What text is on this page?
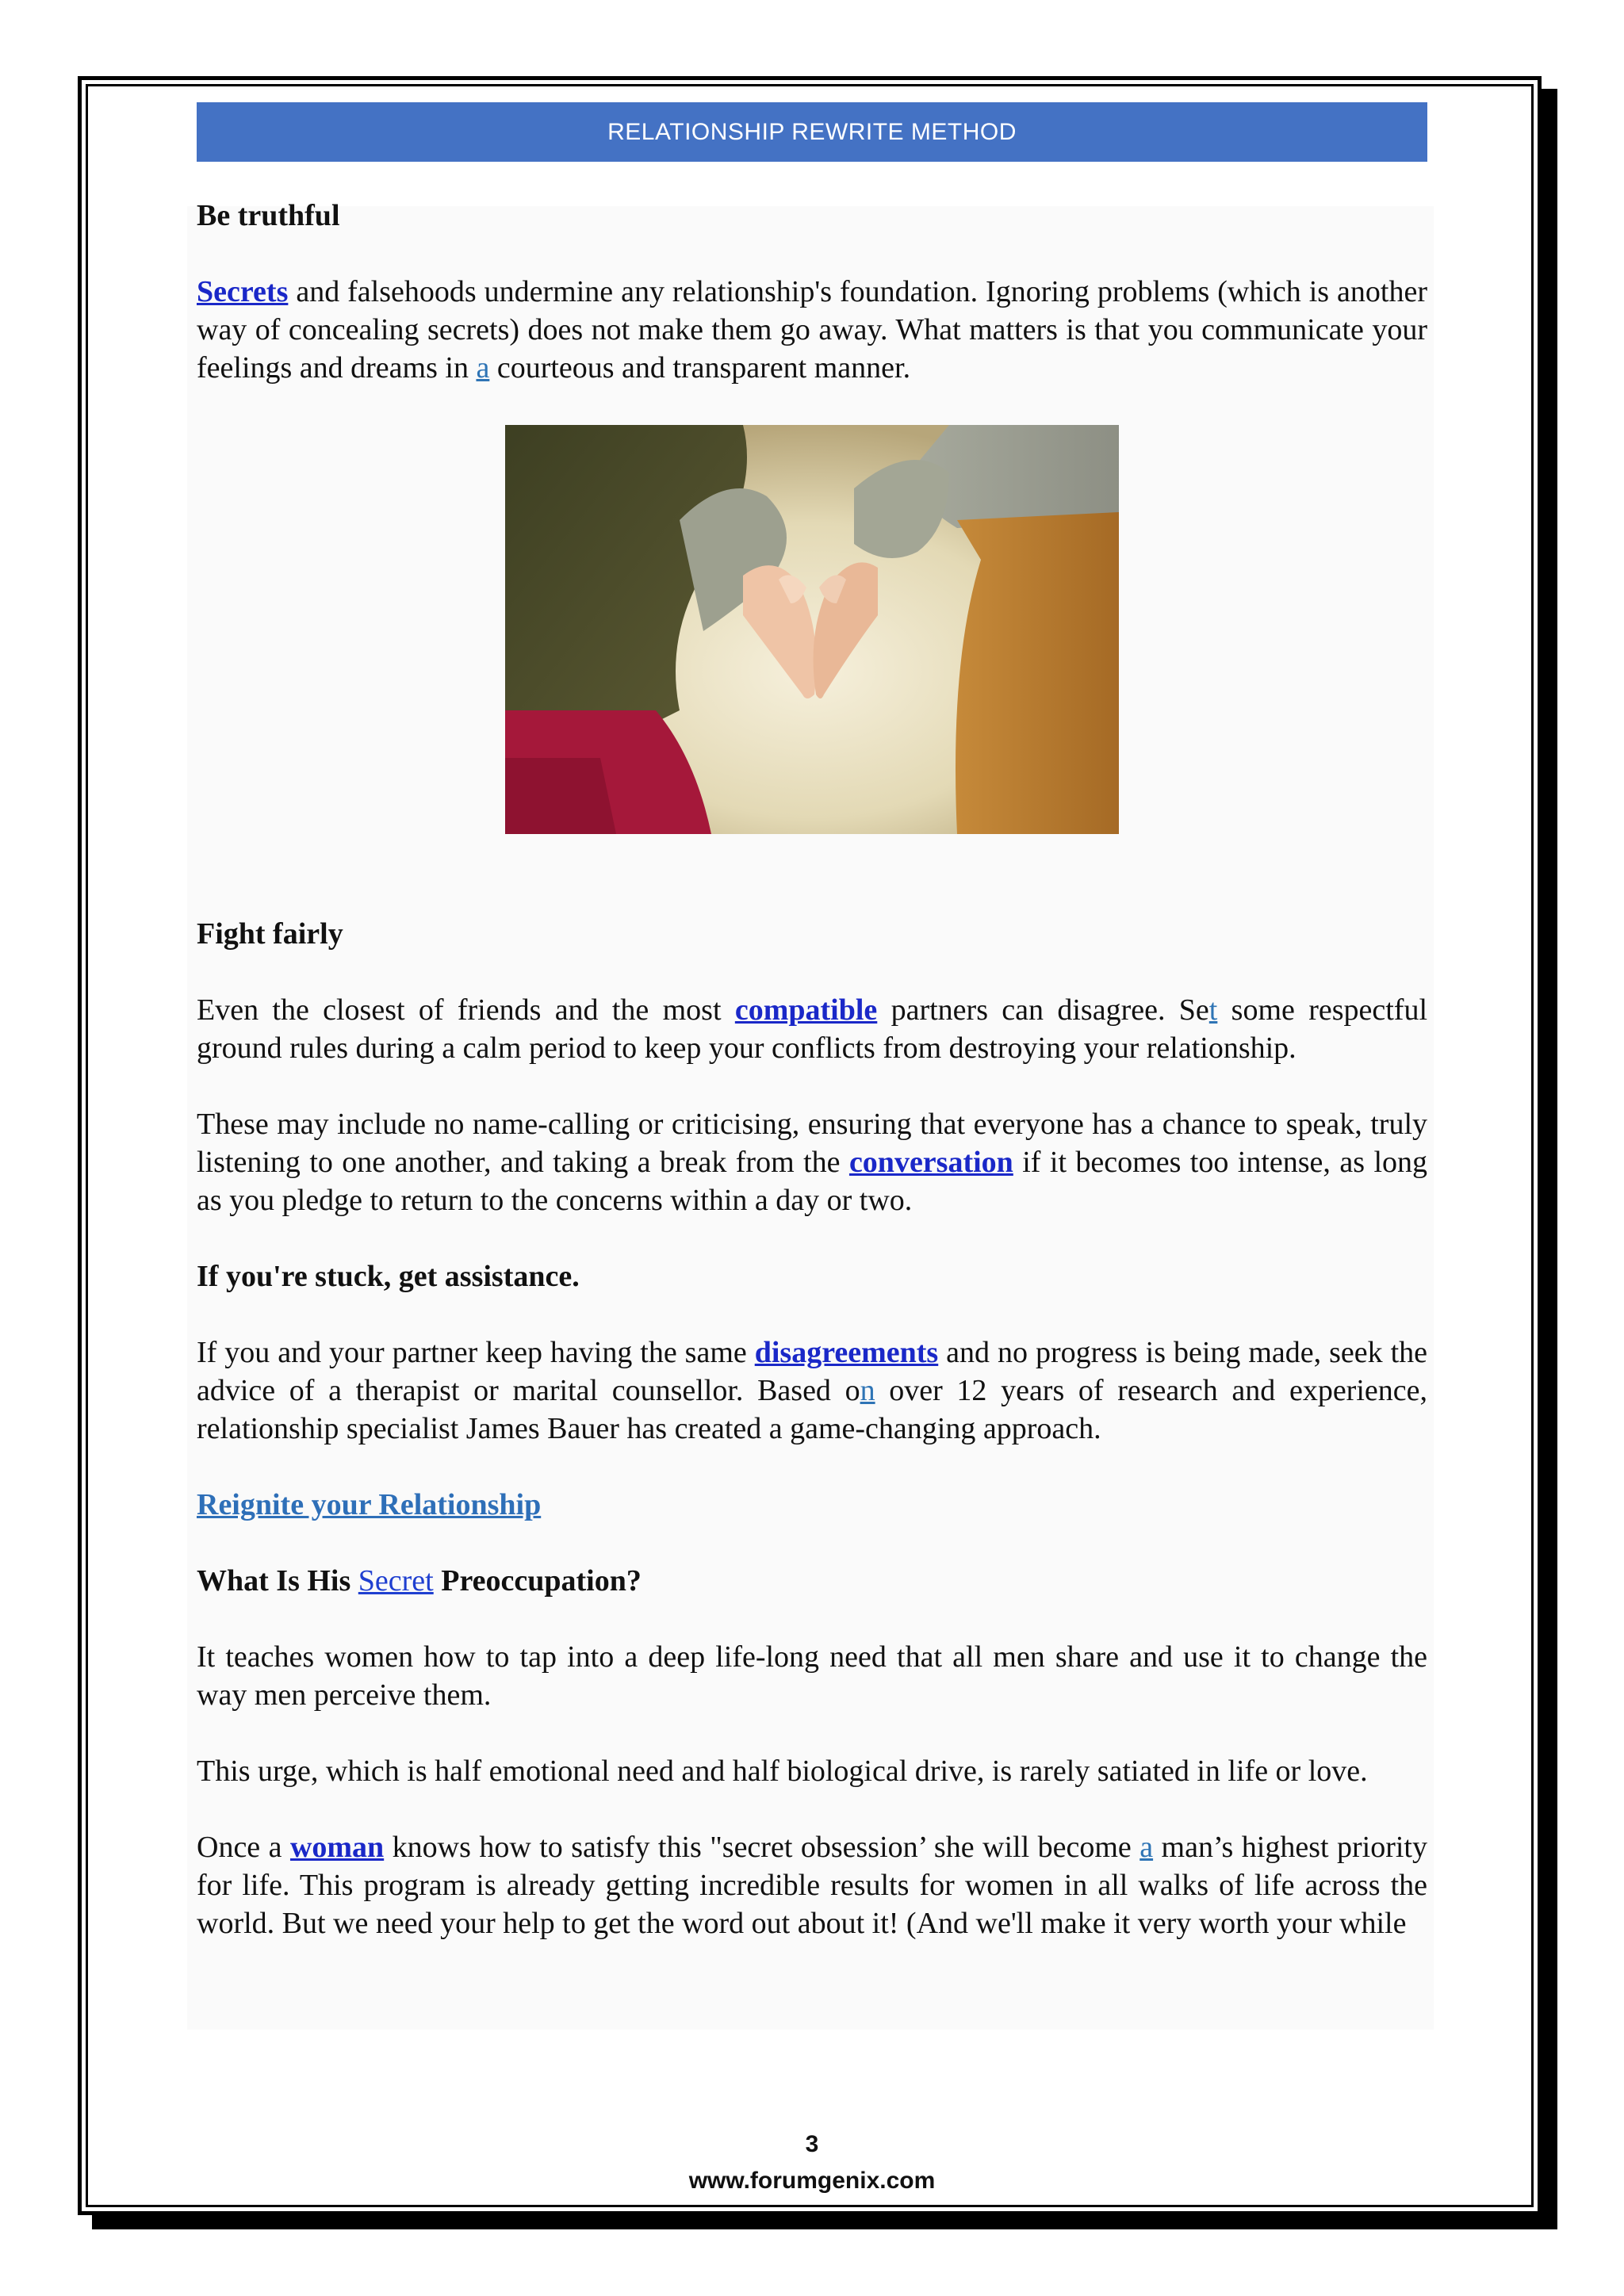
RELATIONSHIP REWRITE METHOD
Be truthful

Secrets and falsehoods undermine any relationship's foundation. Ignoring problems (which is another way of concealing secrets) does not make them go away. What matters is that you communicate your feelings and dreams in a courteous and transparent manner.

Fight fairly

Even the closest of friends and the most compatible partners can disagree. Set some respectful ground rules during a calm period to keep your conflicts from destroying your relationship.

These may include no name-calling or criticising, ensuring that everyone has a chance to speak, truly listening to one another, and taking a break from the conversation if it becomes too intense, as long as you pledge to return to the concerns within a day or two.

If you're stuck, get assistance.

If you and your partner keep having the same disagreements and no progress is being made, seek the advice of a therapist or marital counsellor. Based on over 12 years of research and experience, relationship specialist James Bauer has created a game-changing approach.

Reignite your Relationship
What Is His Secret Preoccupation?

It teaches women how to tap into a deep life-long need that all men share and use it to change the way men perceive them.

This urge, which is half emotional need and half biological drive, is rarely satiated in life or love.

Once a woman knows how to satisfy this "secret obsession’ she will become a man’s highest priority for life. This program is already getting incredible results for women in all walks of life across the world. But we need your help to get the word out about it! (And we'll make it very worth your while

3
www.forumgenix.com
